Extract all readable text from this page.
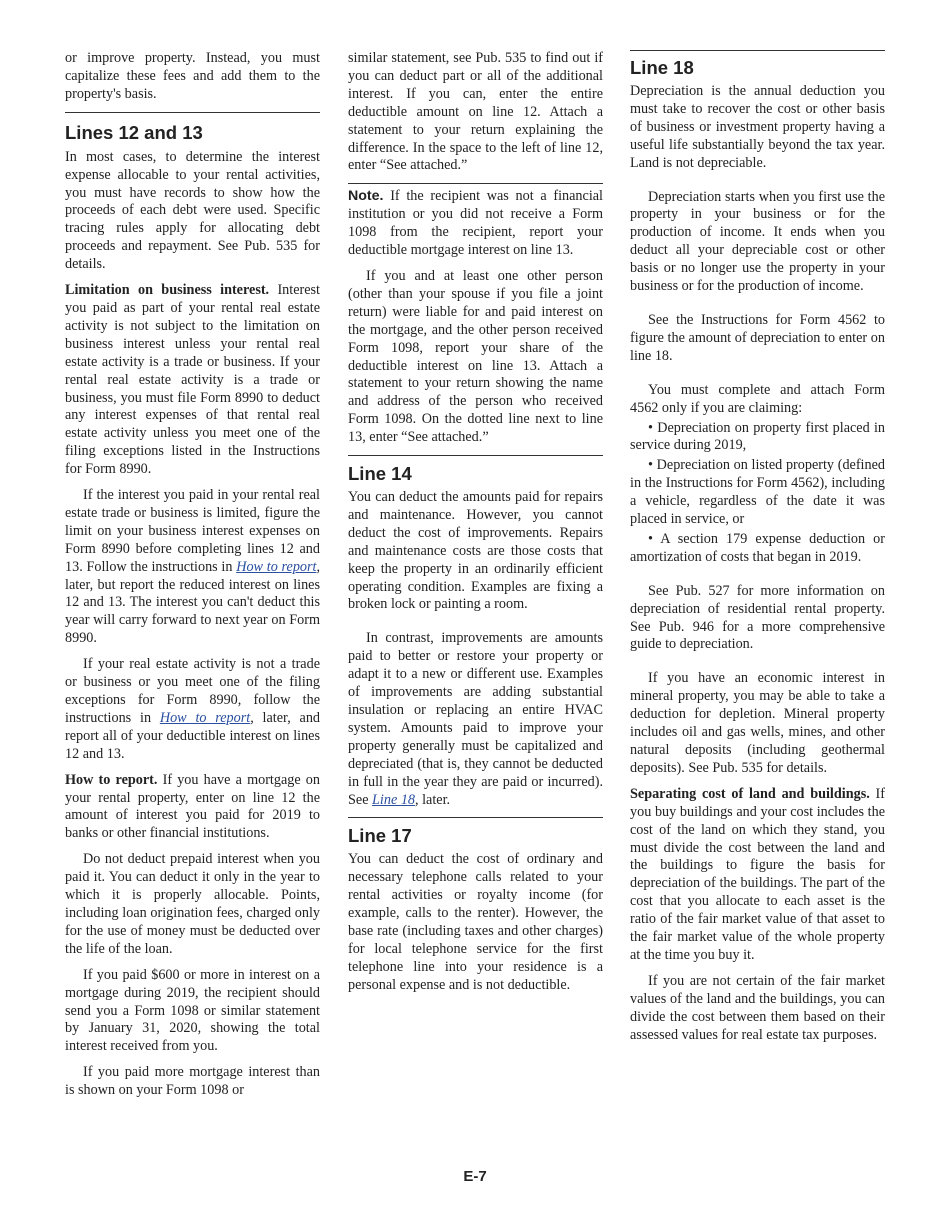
or improve property. Instead, you must capitalize these fees and add them to the property's basis.

Lines 12 and 13

In most cases, to determine the interest expense allocable to your rental activities, you must have records to show how the proceeds of each debt were used. Specific tracing rules apply for allocating debt proceeds and repayment. See Pub. 535 for details.

Limitation on business interest. Interest you paid as part of your rental real estate activity is not subject to the limitation on business interest unless your rental real estate activity is a trade or business. If your rental real estate activity is a trade or business, you must file Form 8990 to deduct any interest expenses of that rental real estate activity unless you meet one of the filing exceptions listed in the Instructions for Form 8990.

If the interest you paid in your rental real estate trade or business is limited, figure the limit on your business interest expenses on Form 8990 before completing lines 12 and 13. Follow the instructions in How to report, later, but report the reduced interest on lines 12 and 13. The interest you can't deduct this year will carry forward to next year on Form 8990.

If your real estate activity is not a trade or business or you meet one of the filing exceptions for Form 8990, follow the instructions in How to report, later, and report all of your deductible interest on lines 12 and 13.

How to report. If you have a mortgage on your rental property, enter on line 12 the amount of interest you paid for 2019 to banks or other financial institutions.

Do not deduct prepaid interest when you paid it. You can deduct it only in the year to which it is properly allocable. Points, including loan origination fees, charged only for the use of money must be deducted over the life of the loan.

If you paid $600 or more in interest on a mortgage during 2019, the recipient should send you a Form 1098 or similar statement by January 31, 2020, showing the total interest received from you.

If you paid more mortgage interest than is shown on your Form 1098 or

similar statement, see Pub. 535 to find out if you can deduct part or all of the additional interest. If you can, enter the entire deductible amount on line 12. Attach a statement to your return explaining the difference. In the space to the left of line 12, enter “See attached.”

Note. If the recipient was not a financial institution or you did not receive a Form 1098 from the recipient, report your deductible mortgage interest on line 13.

If you and at least one other person (other than your spouse if you file a joint return) were liable for and paid interest on the mortgage, and the other person received Form 1098, report your share of the deductible interest on line 13. Attach a statement to your return showing the name and address of the person who received Form 1098. On the dotted line next to line 13, enter “See attached.”

Line 14

You can deduct the amounts paid for repairs and maintenance. However, you cannot deduct the cost of improvements. Repairs and maintenance costs are those costs that keep the property in an ordinarily efficient operating condition. Examples are fixing a broken lock or painting a room.

In contrast, improvements are amounts paid to better or restore your property or adapt it to a new or different use. Examples of improvements are adding substantial insulation or replacing an entire HVAC system. Amounts paid to improve your property generally must be capitalized and depreciated (that is, they cannot be deducted in full in the year they are paid or incurred). See Line 18, later.

Line 17

You can deduct the cost of ordinary and necessary telephone calls related to your rental activities or royalty income (for example, calls to the renter). However, the base rate (including taxes and other charges) for local telephone service for the first telephone line into your residence is a personal expense and is not deductible.

Line 18

Depreciation is the annual deduction you must take to recover the cost or other basis of business or investment property having a useful life substantially beyond the tax year. Land is not depreciable.

Depreciation starts when you first use the property in your business or for the production of income. It ends when you deduct all your depreciable cost or other basis or no longer use the property in your business or for the production of income.

See the Instructions for Form 4562 to figure the amount of depreciation to enter on line 18.

You must complete and attach Form 4562 only if you are claiming:

• Depreciation on property first placed in service during 2019,

• Depreciation on listed property (defined in the Instructions for Form 4562), including a vehicle, regardless of the date it was placed in service, or

• A section 179 expense deduction or amortization of costs that began in 2019.

See Pub. 527 for more information on depreciation of residential rental property. See Pub. 946 for a more comprehensive guide to depreciation.

If you have an economic interest in mineral property, you may be able to take a deduction for depletion. Mineral property includes oil and gas wells, mines, and other natural deposits (including geothermal deposits). See Pub. 535 for details.

Separating cost of land and buildings. If you buy buildings and your cost includes the cost of the land on which they stand, you must divide the cost between the land and the buildings to figure the basis for depreciation of the buildings. The part of the cost that you allocate to each asset is the ratio of the fair market value of that asset to the fair market value of the whole property at the time you buy it.

If you are not certain of the fair market values of the land and the buildings, you can divide the cost between them based on their assessed values for real estate tax purposes.

E-7
